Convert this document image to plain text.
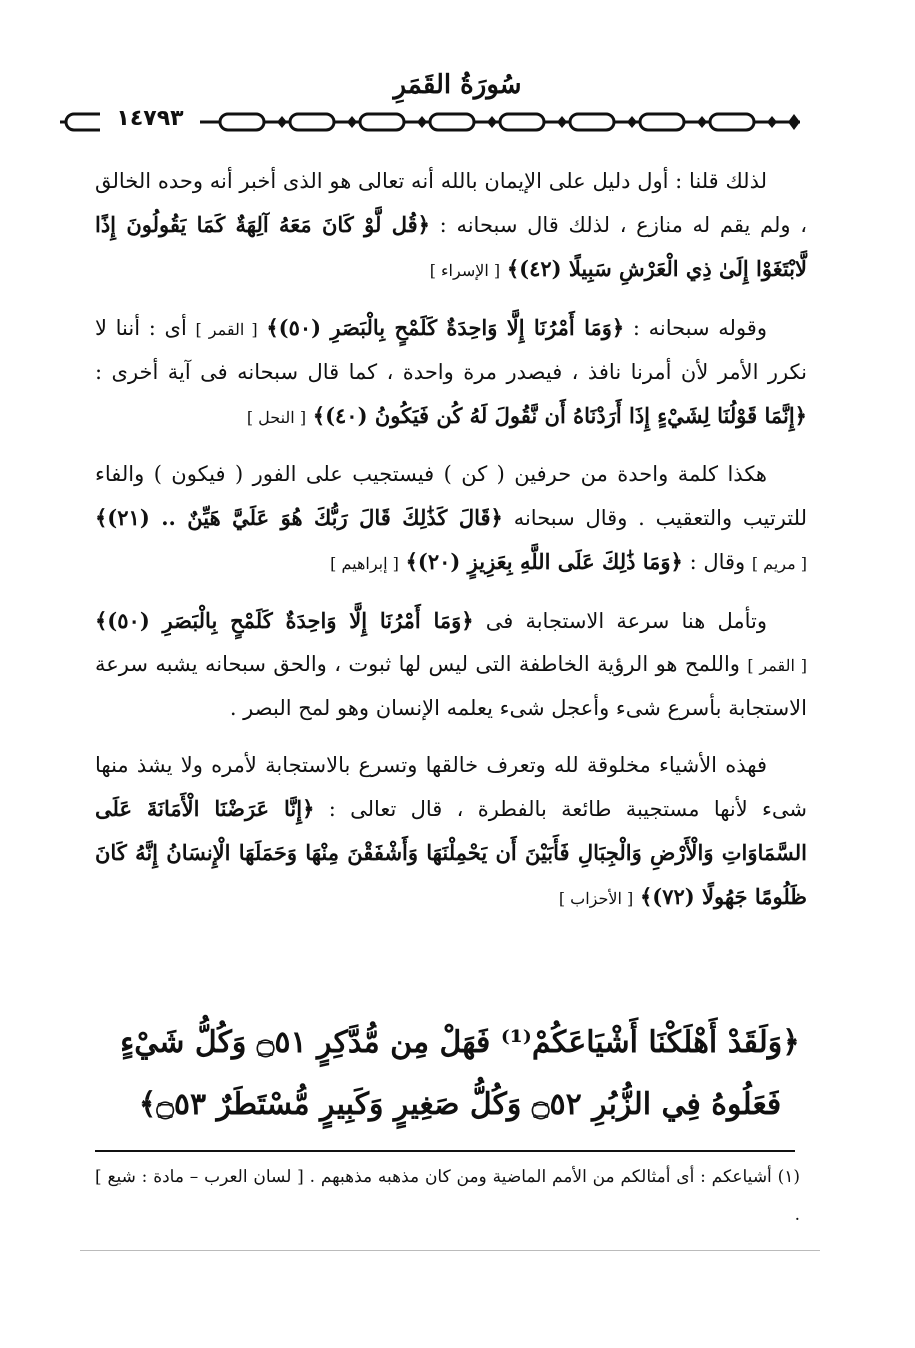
سُورَةُ القَمَرِ
١٤٧٩٣

لذلك قلنا : أول دليل على الإيمان بالله أنه تعالى هو الذى أخبر أنه وحده الخالق ، ولم يقم له منازع ، لذلك قال سبحانه : ﴿قُل لَّوْ كَانَ مَعَهُ آلِهَةٌ كَمَا يَقُولُونَ إِذًا لَّابْتَغَوْا إِلَىٰ ذِي الْعَرْشِ سَبِيلًا (٤٢)﴾ [ الإسراء ]

وقوله سبحانه : ﴿وَمَا أَمْرُنَا إِلَّا وَاحِدَةٌ كَلَمْحٍ بِالْبَصَرِ (٥٠)﴾ [ القمر ] أى : أننا لا نكرر الأمر لأن أمرنا نافذ ، فيصدر مرة واحدة ، كما قال سبحانه فى آية أخرى : ﴿إِنَّمَا قَوْلُنَا لِشَيْءٍ إِذَا أَرَدْنَاهُ أَن نَّقُولَ لَهُ كُن فَيَكُونُ (٤٠)﴾ [ النحل ]

هكذا كلمة واحدة من حرفين ( كن ) فيستجيب على الفور ( فيكون ) والفاء للترتيب والتعقيب . وقال سبحانه ﴿قَالَ كَذَٰلِكَ قَالَ رَبُّكَ هُوَ عَلَيَّ هَيِّنٌ .. (٢١)﴾ [ مريم ] وقال : ﴿وَمَا ذَٰلِكَ عَلَى اللَّهِ بِعَزِيزٍ (٢٠)﴾ [ إبراهيم ]

وتأمل هنا سرعة الاستجابة فى ﴿وَمَا أَمْرُنَا إِلَّا وَاحِدَةٌ كَلَمْحٍ بِالْبَصَرِ (٥٠)﴾ [ القمر ] واللمح هو الرؤية الخاطفة التى ليس لها ثبوت ، والحق سبحانه يشبه سرعة الاستجابة بأسرع شىء وأعجل شىء يعلمه الإنسان وهو لمح البصر .

فهذه الأشياء مخلوقة لله وتعرف خالقها وتسرع بالاستجابة لأمره ولا يشذ منها شىء لأنها مستجيبة طائعة بالفطرة ، قال تعالى : ﴿إِنَّا عَرَضْنَا الْأَمَانَةَ عَلَى السَّمَاوَاتِ وَالْأَرْضِ وَالْجِبَالِ فَأَبَيْنَ أَن يَحْمِلْنَهَا وَأَشْفَقْنَ مِنْهَا وَحَمَلَهَا الْإِنسَانُ إِنَّهُ كَانَ ظَلُومًا جَهُولًا (٧٢)﴾ [ الأحزاب ]

﴿وَلَقَدْ أَهْلَكْنَا أَشْيَاعَكُمْ⁽¹⁾ فَهَلْ مِن مُّدَّكِرٍ ۝٥١ وَكُلُّ شَيْءٍ
فَعَلُوهُ فِي الزُّبُرِ ۝٥٢ وَكُلُّ صَغِيرٍ وَكَبِيرٍ مُّسْتَطَرٌ ۝٥٣﴾
(١) أشياعكم : أى أمثالكم من الأمم الماضية ومن كان مذهبه مذهبهم . [ لسان العرب – مادة : شيع ] .
